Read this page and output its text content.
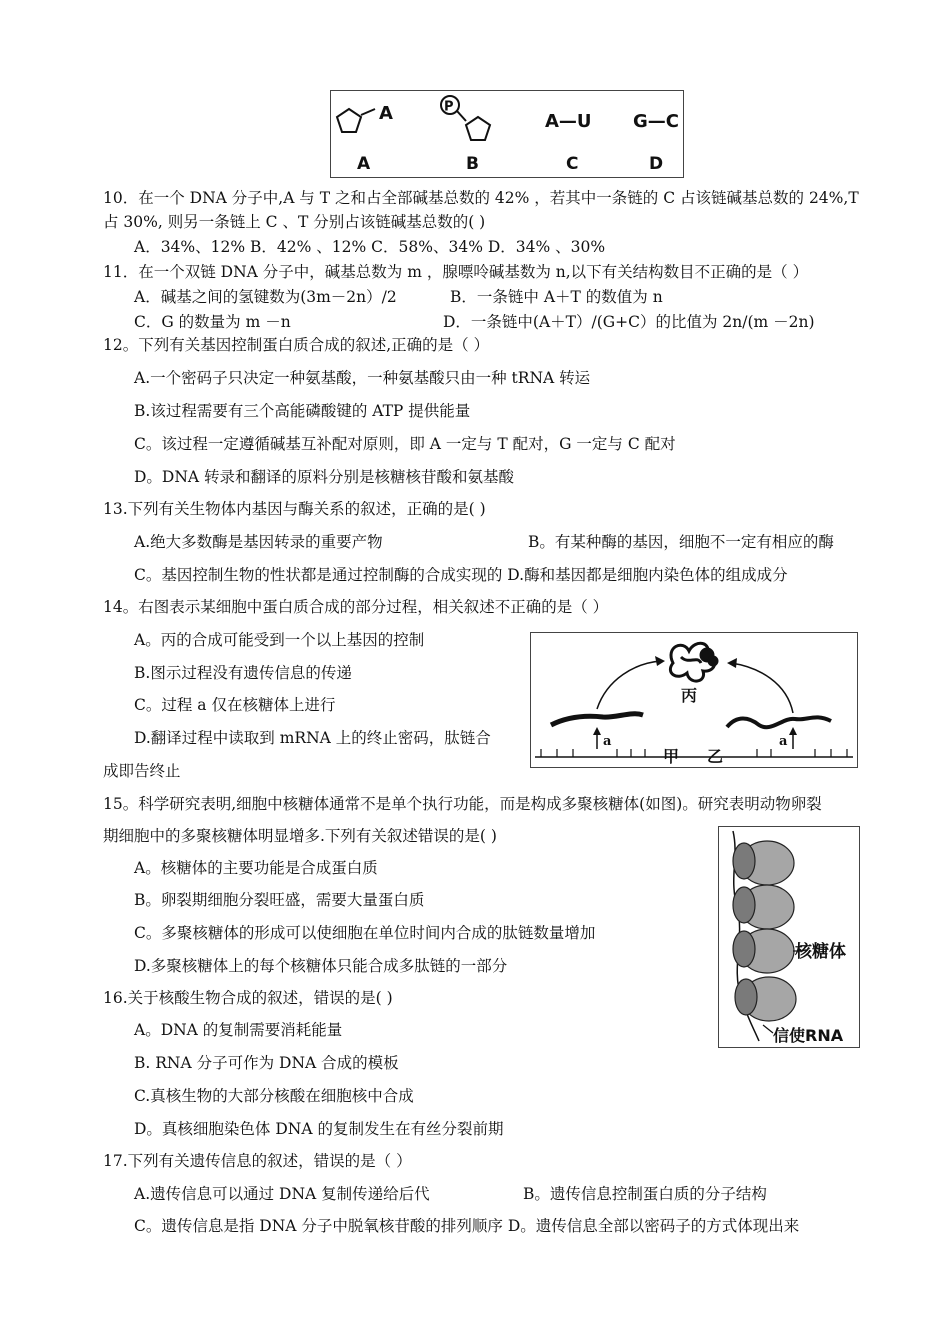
A	P
A—U G—C
A	B	C	D
10．在一个 DNA 分子中,A 与 T 之和占全部碱基总数的 42% ，若其中一条链的 C 占该链碱基总数的 24%,T
占 30%, 则另一条链上 C 、T 分别占该链碱基总数的( )
A．34%、12% B．42% 、12% C．58%、34% D．34% 、30%
11．在一个双链 DNA 分子中，碱基总数为 m ，腺嘌呤碱基数为 n,以下有关结构数目不正确的是（ ）
A．碱基之间的氢键数为(3m－2n）/2	B．一条链中 A＋T 的数值为 n
C．G 的数量为 m －n	D．一条链中(A＋T）/(G+C）的比值为 2n/(m －2n)
12。下列有关基因控制蛋白质合成的叙述,正确的是（ ）
A.一个密码子只决定一种氨基酸，一种氨基酸只由一种 tRNA 转运
B.该过程需要有三个高能磷酸键的 ATP 提供能量
C。该过程一定遵循碱基互补配对原则，即 A 一定与 T 配对，G 一定与 C 配对
D。DNA 转录和翻译的原料分别是核糖核苷酸和氨基酸
13.下列有关生物体内基因与酶关系的叙述，正确的是( )
A.绝大多数酶是基因转录的重要产物	B。有某种酶的基因，细胞不一定有相应的酶
C。基因控制生物的性状都是通过控制酶的合成实现的 D.酶和基因都是细胞内染色体的组成成分
14。右图表示某细胞中蛋白质合成的部分过程，相关叙述不正确的是（ ）
A。丙的合成可能受到一个以上基因的控制
B.图示过程没有遗传信息的传递
C。过程 a 仅在核糖体上进行
D.翻译过程中读取到 mRNA 上的终止密码，肽链合
成即告终止
丙
a	a
甲 乙
15。科学研究表明,细胞中核糖体通常不是单个执行功能，而是构成多聚核糖体(如图)。研究表明动物卵裂
期细胞中的多聚核糖体明显增多.下列有关叙述错误的是( )
A。核糖体的主要功能是合成蛋白质
B。卵裂期细胞分裂旺盛，需要大量蛋白质
C。多聚核糖体的形成可以使细胞在单位时间内合成的肽链数量增加
D.多聚核糖体上的每个核糖体只能合成多肽链的一部分
核糖体
信使RNA
16.关于核酸生物合成的叙述，错误的是( )
A。DNA 的复制需要消耗能量
B. RNA 分子可作为 DNA 合成的模板
C.真核生物的大部分核酸在细胞核中合成
D。真核细胞染色体 DNA 的复制发生在有丝分裂前期
17.下列有关遗传信息的叙述，错误的是（ ）
A.遗传信息可以通过 DNA 复制传递给后代	B。遗传信息控制蛋白质的分子结构
C。遗传信息是指 DNA 分子中脱氧核苷酸的排列顺序 D。遗传信息全部以密码子的方式体现出来
